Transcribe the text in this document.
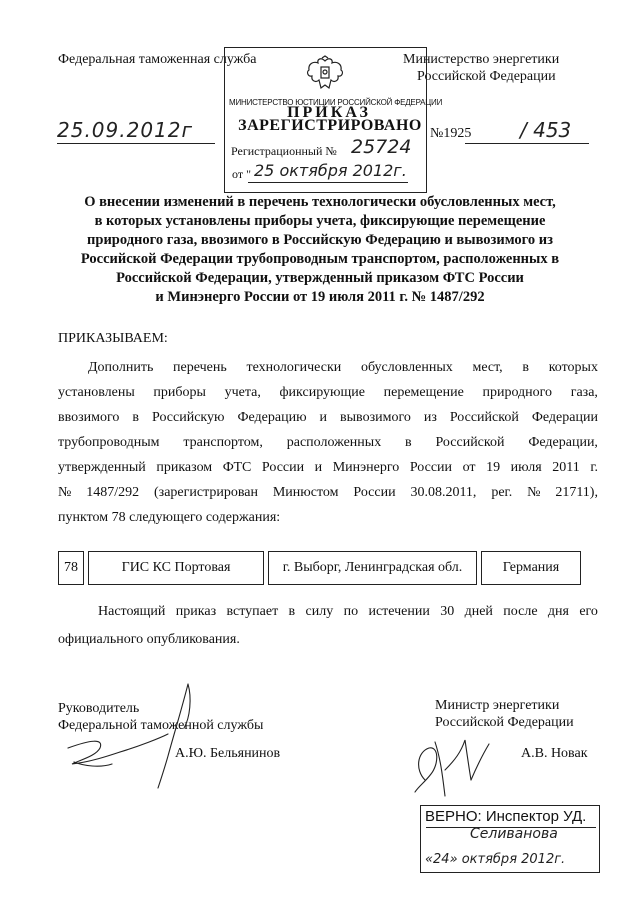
Федеральная таможенная служба	Министерство энергетики
Российской Федерации
25.09.2012г	№1925 / 453
МИНИСТЕРСТВО ЮСТИЦИИ РОССИЙСКОЙ ФЕДЕРАЦИИ
ПРИКАЗ
ЗАРЕГИСТРИРОВАНО
Регистрационный № 25724
от " 25 октября 2012г.
О внесении изменений в перечень технологически обусловленных мест,
в которых установлены приборы учета, фиксирующие перемещение
природного газа, ввозимого в Российскую Федерацию и вывозимого из
Российской Федерации трубопроводным транспортом, расположенных в
Российской Федерации, утвержденный приказом ФТС России
и Минэнерго России от 19 июля 2011 г. № 1487/292
ПРИКАЗЫВАЕМ:
Дополнить перечень технологически обусловленных мест, в которых
установлены приборы учета, фиксирующие перемещение природного газа,
ввозимого в Российскую Федерацию и вывозимого из Российской Федерации
трубопроводным транспортом, расположенных в Российской Федерации,
утвержденный приказом ФТС России и Минэнерго России от 19 июля 2011 г.
№ 1487/292 (зарегистрирован Минюстом России 30.08.2011, рег. № 21711),
пунктом 78 следующего содержания:
78		ГИС КС Портовая		г. Выборг, Ленинградская обл.		Германия
Настоящий приказ вступает в силу по истечении 30 дней после дня его
официального опубликования.
Руководитель
Федеральной таможенной службы
А.Ю. Бельянинов
Министр энергетики
Российской Федерации
А.В. Новак
ВЕРНО: Инспектор УД.
Селиванова
«24» октября 2012г.
